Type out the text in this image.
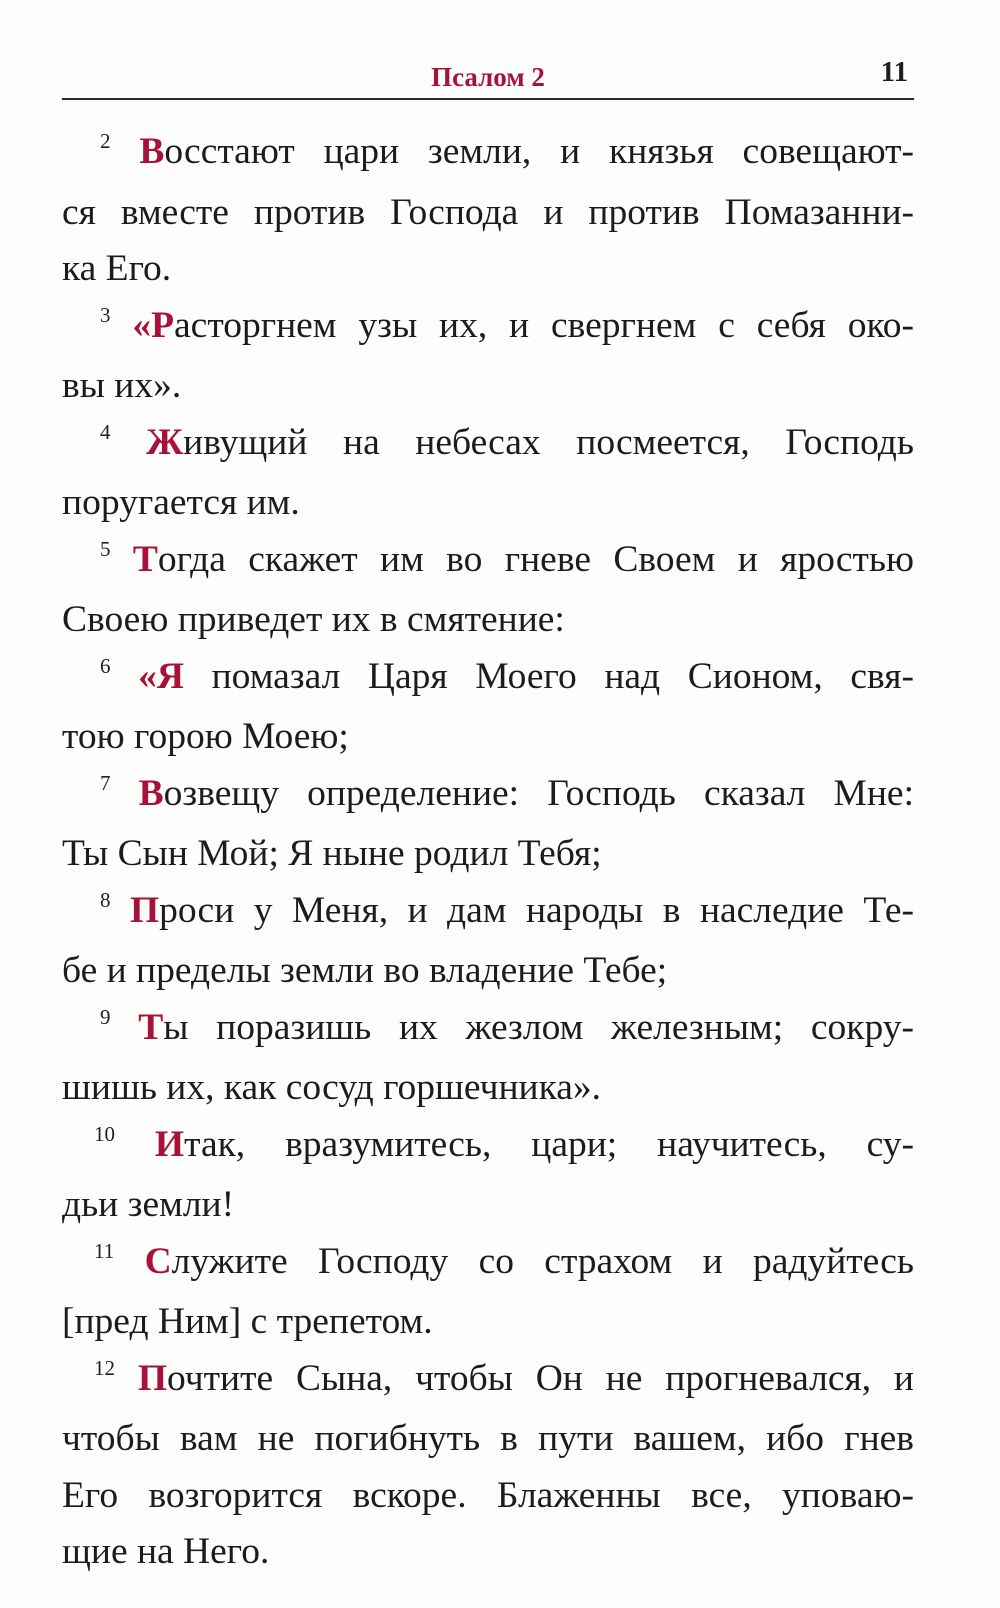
Псалом 2	11

$^2$ Восстают цари земли, и князья совещают-
ся вместе против Господа и против Помазанни-
ка Его.

$^3$ «Расторгнем узы их, и свергнем с себя око-
вы их».

$^4$ Живущий на небесах посмеется, Господь
поругается им.

$^5$ Тогда скажет им во гневе Своем и яростью
Своею приведет их в смятение:

$^6$ «Я помазал Царя Моего над Сионом, свя-
тою горою Моею;

$^7$ Возвещу определение: Господь сказал Мне:
Ты Сын Мой; Я ныне родил Тебя;

$^8$ Проси у Меня, и дам народы в наследие Те-
бе и пределы земли во владение Тебе;

$^9$ Ты поразишь их жезлом железным; сокру-
шишь их, как сосуд горшечника».

$^{10}$ Итак, вразумитесь, цари; научитесь, су-
дьи земли!

$^{11}$ Служите Господу со страхом и радуйтесь
[пред Ним] с трепетом.

$^{12}$ Почтите Сына, чтобы Он не прогневался, и
чтобы вам не погибнуть в пути вашем, ибо гнев
Его возгорится вскоре. Блаженны все, уповаю-
щие на Него.
